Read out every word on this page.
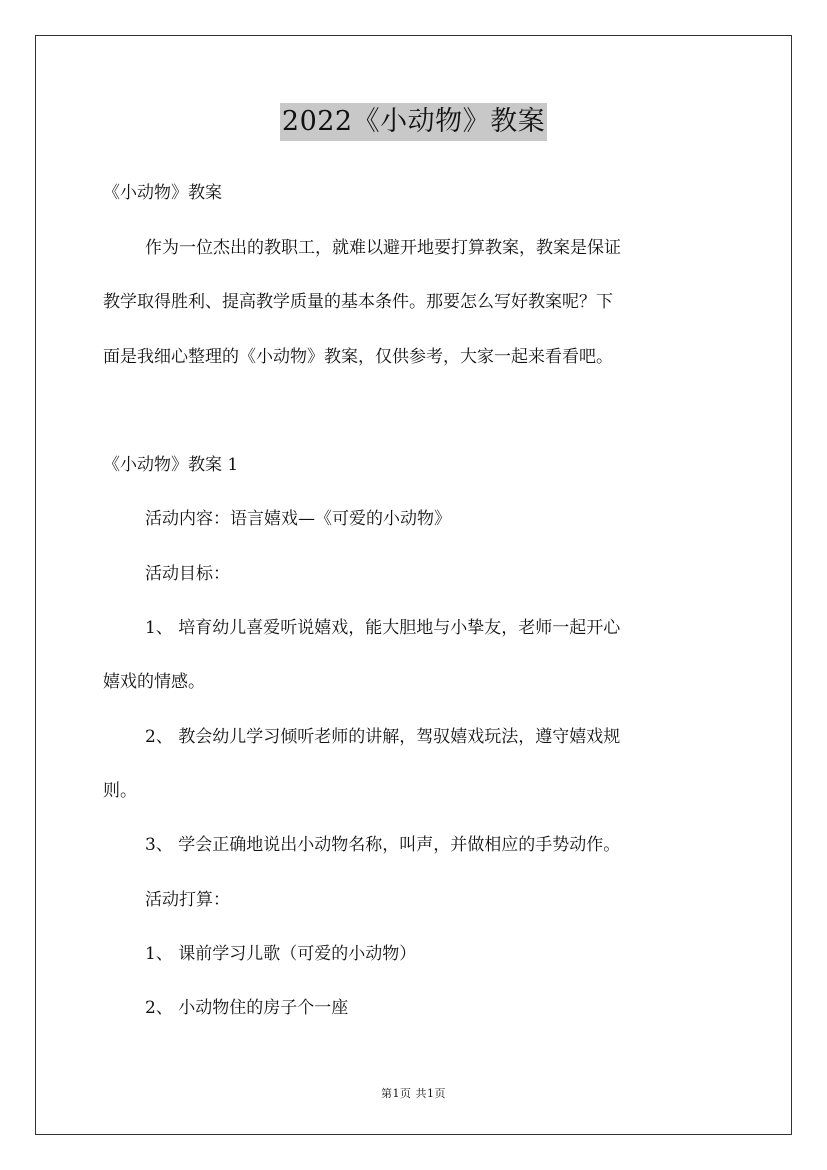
2022《小动物》教案
《小动物》教案
作为一位杰出的教职工，就难以避开地要打算教案，教案是保证
教学取得胜利、提高教学质量的基本条件。那要怎么写好教案呢？下
面是我细心整理的《小动物》教案，仅供参考，大家一起来看看吧。
《小动物》教案 1
活动内容：语言嬉戏—《可爱的小动物》
活动目标：
1、 培育幼儿喜爱听说嬉戏，能大胆地与小挚友，老师一起开心
嬉戏的情感。
2、 教会幼儿学习倾听老师的讲解，驾驭嬉戏玩法，遵守嬉戏规
则。
3、 学会正确地说出小动物名称，叫声，并做相应的手势动作。
活动打算：
1、 课前学习儿歌（可爱的小动物）
2、 小动物住的房子个一座
第1页 共1页
